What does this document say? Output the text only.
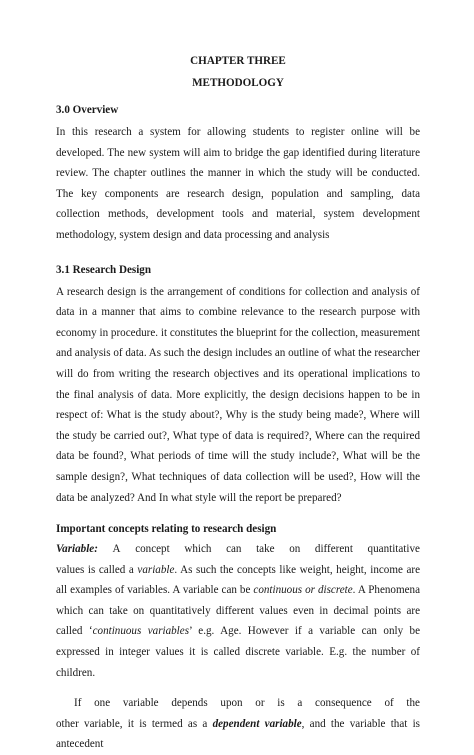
CHAPTER THREE
METHODOLOGY
3.0 Overview

In this research a system for allowing students to register online will be developed. The new system will aim to bridge the gap identified during literature review. The chapter outlines the manner in which the study will be conducted. The key components are research design, population and sampling, data collection methods, development tools and material, system development methodology, system design and data processing and analysis

3.1 Research Design

A research design is the arrangement of conditions for collection and analysis of data in a manner that aims to combine relevance to the research purpose with economy in procedure. it constitutes the blueprint for the collection, measurement and analysis of data. As such the design includes an outline of what the researcher will do from writing the research objectives and its operational implications to the final analysis of data. More explicitly, the design decisions happen to be in respect of: What is the study about?, Why is the study being made?, Where will the study be carried out?, What type of data is required?, Where can the required data be found?, What periods of time will the study include?, What will be the sample design?, What techniques of data collection will be used?, How will the data be analyzed? And In what style will the report be prepared?

Important concepts relating to research design
Variable: A concept which can take on different quantitative

values is called a variable. As such the concepts like weight, height, income are all examples of variables. A variable can be continuous or discrete. A Phenomena which can take on quantitatively different values even in decimal points are called ‘continuous variables’ e.g. Age. However if a variable can only be expressed in integer values it is called discrete variable. E.g. the number of children.

If one variable depends upon or is a consequence of the

other variable, it is termed as a dependent variable, and the variable that is antecedent
